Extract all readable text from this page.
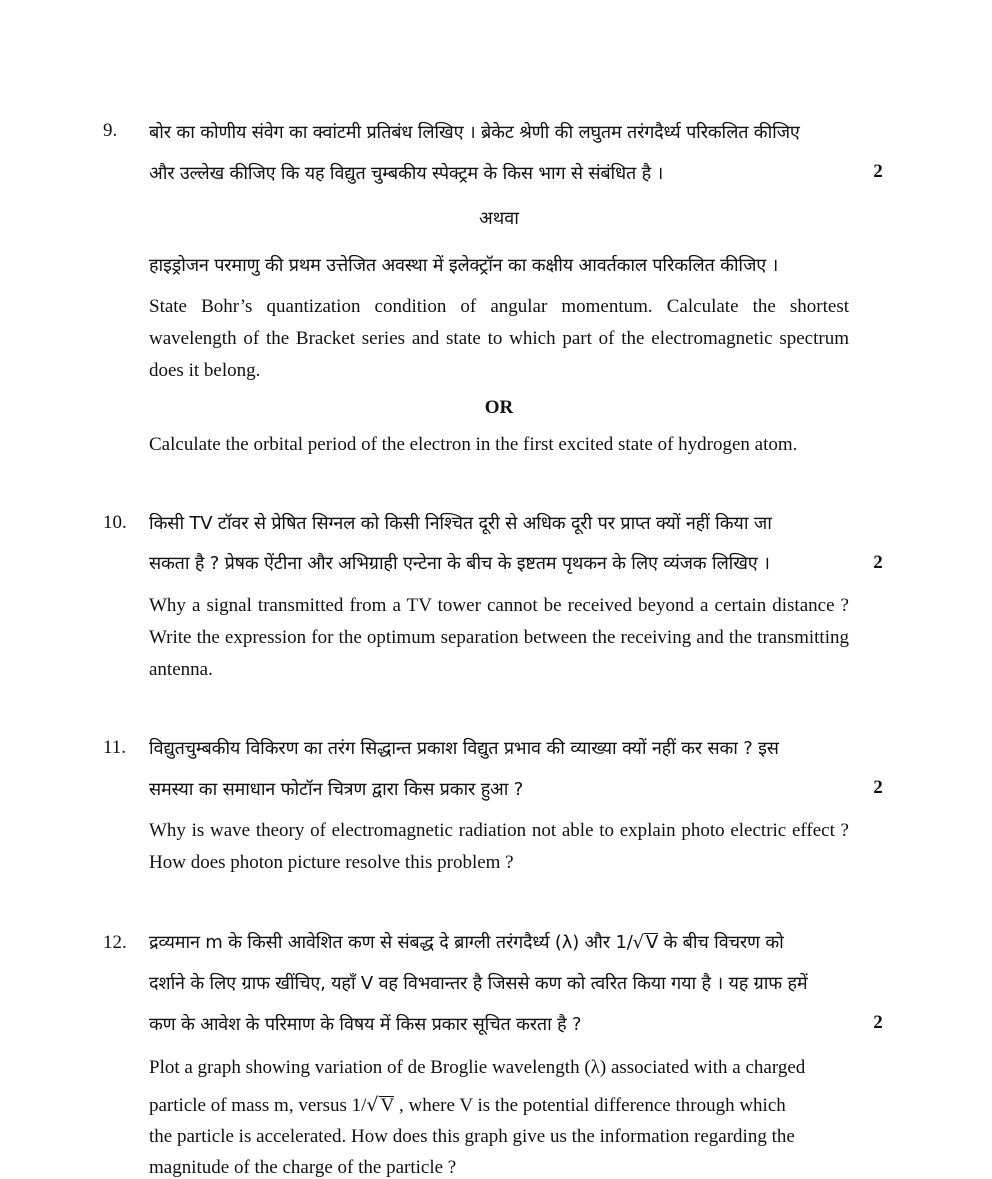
9. बोर का कोणीय संवेग का क्वांटमी प्रतिबंध लिखिए । ब्रेकेट श्रेणी की लघुतम तरंगदैर्ध्य परिकलित कीजिए
और उल्लेख कीजिए कि यह विद्युत चुम्बकीय स्पेक्ट्रम के किस भाग से संबंधित है ।	2
अथवा
हाइड्रोजन परमाणु की प्रथम उत्तेजित अवस्था में इलेक्ट्रॉन का कक्षीय आवर्तकाल परिकलित कीजिए ।
State Bohr’s quantization condition of angular momentum. Calculate the shortest wavelength of the Bracket series and state to which part of the electromagnetic spectrum does it belong.
OR
Calculate the orbital period of the electron in the first excited state of hydrogen atom.
10. किसी TV टॉवर से प्रेषित सिग्नल को किसी निश्चित दूरी से अधिक दूरी पर प्राप्त क्यों नहीं किया जा
सकता है ? प्रेषक ऐंटीना और अभिग्राही एन्टेना के बीच के इष्टतम पृथकन के लिए व्यंजक लिखिए ।	2
Why a signal transmitted from a TV tower cannot be received beyond a certain distance ? Write the expression for the optimum separation between the receiving and the transmitting antenna.
11. विद्युतचुम्बकीय विकिरण का तरंग सिद्धान्त प्रकाश विद्युत प्रभाव की व्याख्या क्यों नहीं कर सका ? इस
समस्या का समाधान फोटॉन चित्रण द्वारा किस प्रकार हुआ ?	2
Why is wave theory of electromagnetic radiation not able to explain photo electric effect ? How does photon picture resolve this problem ?
12. द्रव्यमान m के किसी आवेशित कण से संबद्ध दे ब्राग्ली तरंगदैर्ध्य (λ) और 1/√ V के बीच विचरण को
दर्शाने के लिए ग्राफ खींचिए, यहाँ V वह विभवान्तर है जिससे कण को त्वरित किया गया है । यह ग्राफ हमें
कण के आवेश के परिमाण के विषय में किस प्रकार सूचित करता है ?	2
Plot a graph showing variation of de Broglie wavelength (λ) associated with a charged
particle of mass m, versus 1/√ V , where V is the potential difference through which
the particle is accelerated. How does this graph give us the information regarding the
magnitude of the charge of the particle ?
